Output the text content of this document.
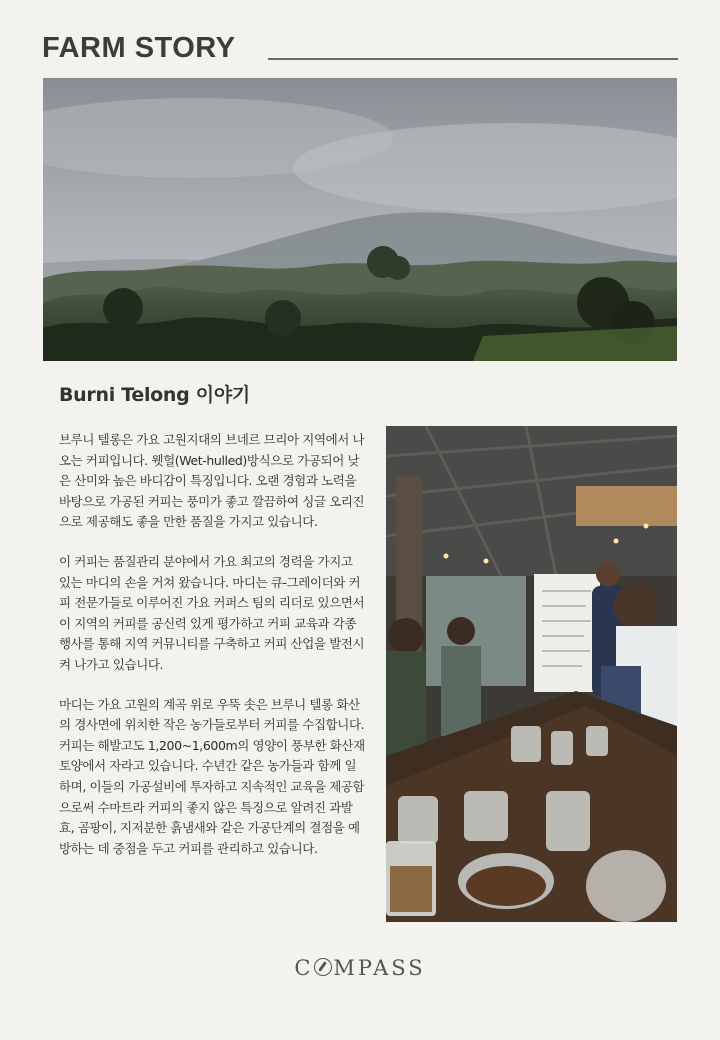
FARM STORY
Burni Telong 이야기

브루니 텔롱은 가요 고원지대의 브네르 므리아 지역에서 나오는 커피입니다. 웻헐(Wet-hulled)방식으로 가공되어 낮은 산미와 높은 바디감이 특징입니다. 오랜 경험과 노력을 바탕으로 가공된 커피는 풍미가 좋고 깔끔하여 싱글 오리진으로 제공해도 좋을 만한 품질을 가지고 있습니다.

이 커피는 품질관리 분야에서 가요 최고의 경력을 가지고 있는 마디의 손을 거쳐 왔습니다. 마디는 큐-그레이더와 커피 전문가들로 이루어진 가요 커퍼스 팀의 리더로 있으면서 이 지역의 커피를 공신력 있게 평가하고 커피 교육과 각종 행사를 통해 지역 커뮤니티를 구축하고 커피 산업을 발전시켜 나가고 있습니다.

마디는 가요 고원의 계곡 위로 우뚝 솟은 브루니 텔롱 화산의 경사면에 위치한 작은 농가들로부터 커피를 수집합니다. 커피는 해발고도 1,200~1,600m의 영양이 풍부한 화산재 토양에서 자라고 있습니다. 수년간 같은 농가들과 함께 일하며, 이들의 가공설비에 투자하고 지속적인 교육을 제공함으로써 수마트라 커피의 좋지 않은 특징으로 알려진 과발효, 곰팡이, 지저분한 흙냄새와 같은 가공단계의 결점을 예방하는 데 중점을 두고 커피를 관리하고 있습니다.

C MPASS
